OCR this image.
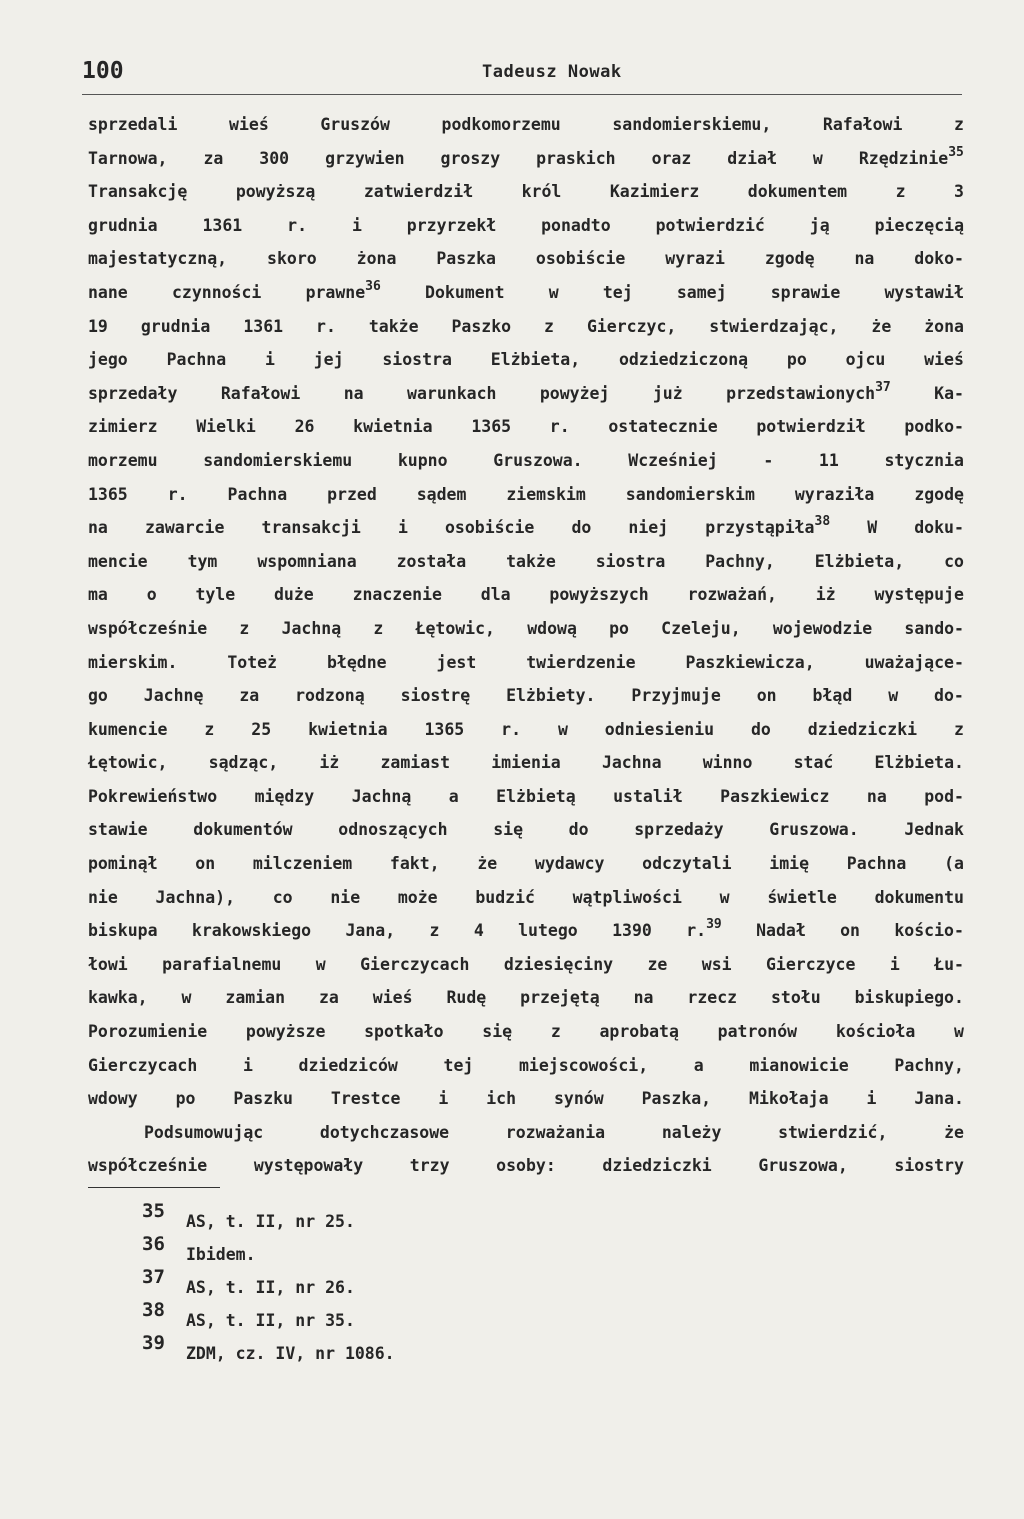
100	Tadeusz Nowak
sprzedali	wieś	Gruszów	podkomorzemu	sandomierskiemu,	Rafałowi	z
Tarnowa, za 300 grzywien groszy praskich oraz dział w Rzędzinie$^{35}$
Transakcję	powyższą	zatwierdził	król	Kazimierz	dokumentem	z	3
grudnia	1361	r.	i	przyrzekł	ponadto	potwierdzić	ją	pieczęcią
majestatyczną, skoro żona Paszka osobiście wyrazi zgodę na doko-
nane	czynności	prawne$^{36}$	Dokument	w	tej	samej	sprawie	wystawił
19 grudnia 1361 r. także Paszko z Gierczyc, stwierdzając, że żona
jego Pachna i jej siostra Elżbieta, odziedziczoną po ojcu wieś
sprzedały	Rafałowi	na	warunkach	powyżej	już	przedstawionych$^{37}$	Ka-
zimierz Wielki 26 kwietnia 1365 r. ostatecznie potwierdził podko-
morzemu	sandomierskiemu	kupno	Gruszowa.	Wcześniej	-	11	stycznia
1365 r. Pachna przed sądem ziemskim sandomierskim wyraziła zgodę
na zawarcie transakcji i osobiście do niej przystąpiła$^{38}$ W doku-
mencie tym wspomniana została także siostra Pachny, Elżbieta, co
ma o tyle duże znaczenie dla powyższych rozważań, iż występuje
współcześnie z Jachną z Łętowic, wdową po Czeleju, wojewodzie sando-
mierskim.	Toteż	błędne	jest	twierdzenie	Paszkiewicza,	uważające-
go Jachnę za rodzoną siostrę Elżbiety. Przyjmuje on błąd w do-
kumencie z 25 kwietnia 1365 r. w odniesieniu do dziedziczki z
Łętowic, sądząc, iż zamiast imienia Jachna winno stać Elżbieta.
Pokrewieństwo między Jachną a Elżbietą ustalił Paszkiewicz na pod-
stawie	dokumentów	odnoszących	się	do	sprzedaży	Gruszowa.	Jednak
pominął on milczeniem fakt, że wydawcy odczytali imię Pachna (a
nie Jachna), co nie może budzić wątpliwości w świetle dokumentu
biskupa krakowskiego Jana, z 4 lutego 1390 r.$^{39}$ Nadał on kościo-
łowi parafialnemu w Gierczycach dziesięciny ze wsi Gierczyce i Łu-
kawka, w zamian za wieś Rudę przejętą na rzecz stołu biskupiego.
Porozumienie powyższe spotkało się z aprobatą patronów kościoła w
Gierczycach	i	dziedziców	tej	miejscowości,	a	mianowicie	Pachny,
wdowy po Paszku Trestce i ich synów Paszka, Mikołaja i Jana.
Podsumowując	dotychczasowe	rozważania	należy	stwierdzić,	że
współcześnie	występowały	trzy	osoby:	dziedziczki	Gruszowa,	siostry
35 AS, t. II, nr 25.
36 Ibidem.
37 AS, t. II, nr 26.
38 AS, t. II, nr 35.
39 ZDM, cz. IV, nr 1086.
